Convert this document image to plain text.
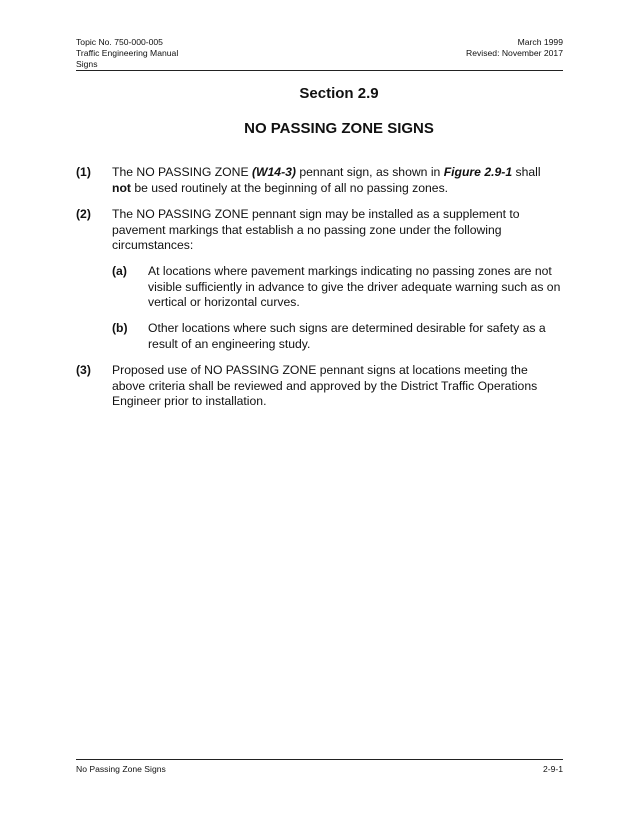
Topic No. 750-000-005	March 1999
Traffic Engineering Manual	Revised: November 2017
Signs
Section 2.9
NO PASSING ZONE SIGNS
(1) The NO PASSING ZONE (W14-3) pennant sign, as shown in Figure 2.9-1 shall
not be used routinely at the beginning of all no passing zones.
(2) The NO PASSING ZONE pennant sign may be installed as a supplement to pavement markings that establish a no passing zone under the following circumstances:
(a) At locations where pavement markings indicating no passing zones are not visible sufficiently in advance to give the driver adequate warning such as on vertical or horizontal curves.
(b) Other locations where such signs are determined desirable for safety as a result of an engineering study.
(3) Proposed use of NO PASSING ZONE pennant signs at locations meeting the above criteria shall be reviewed and approved by the District Traffic Operations Engineer prior to installation.
No Passing Zone Signs	2-9-1
